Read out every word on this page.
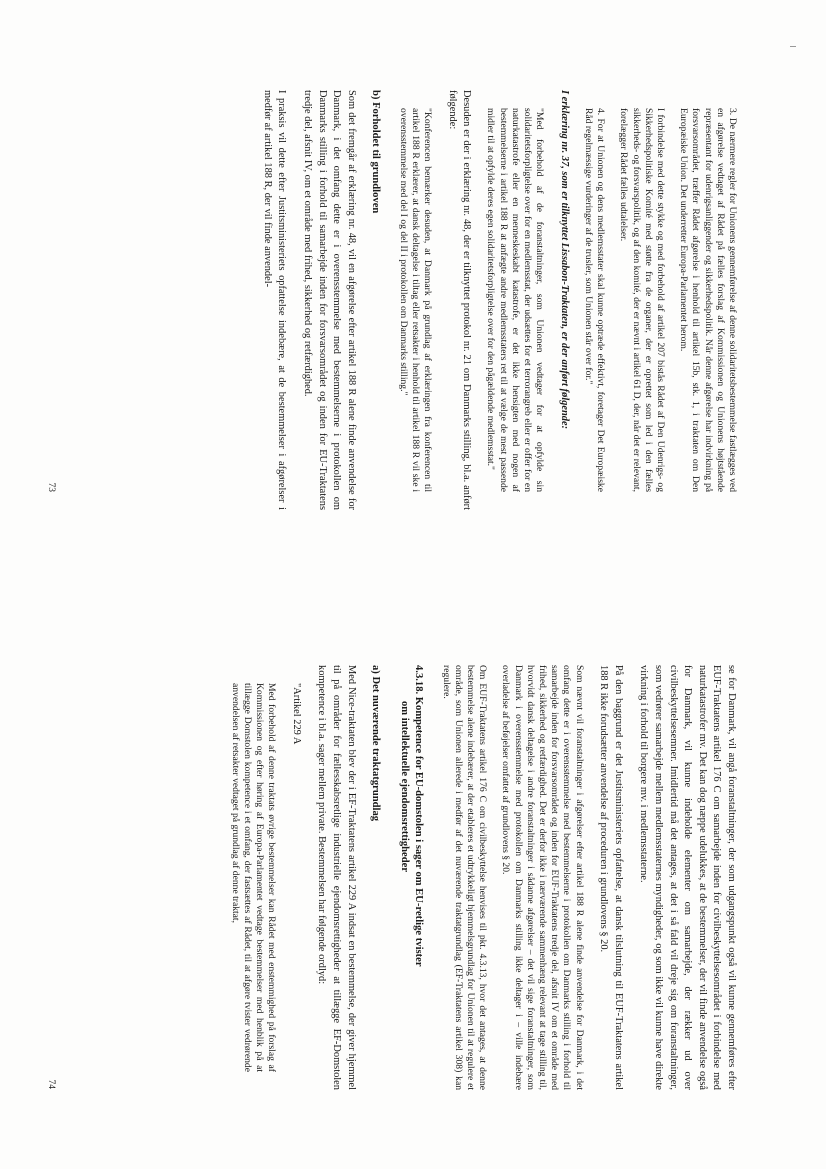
3. De nærmere regler for Unionens gennemførelse af denne solidaritetsbestemmelse fastlægges ved en afgørelse vedtaget af Rådet på fælles forslag af Kommissionen og Unionens højtstående repræsentant for udenrigsanliggender og sikkerhedspolitik. Når denne afgørelse har indvirkning på forsvarsområdet, træffer Rådet afgørelse i henhold til artikel 15b, stk. 1, i traktaten om Den Europæiske Union. Det underretter Europa-Parlamentet herom.

I forbindelse med dette stykke og med forbehold af artikel 207 bistås Rådet af Den Udenrigs- og Sikkerhedspolitiske Komité med støtte fra de organer, der er oprettet som led i den fælles sikkerheds- og forsvarspolitik, og af den komité, der er nævnt i artikel 61 D, der, når det er relevant, forelægger Rådet fælles udtalelser.

4. For at Unionen og dens medlemsstater skal kunne optræde effektivt, foretager Det Europæiske Råd regelmæssige vurderinger af de trusler, som Unionen står over for."

I erklæring nr. 37, som er tilknyttet Lissabon-Traktaten, er der anført følgende:

"Med forbehold af de foranstaltninger, som Unionen vedtager for at opfylde sin solidaritetsforpligtelse over for en medlemsstat, der udsættes for et terrorangreb eller er offer for en naturkatastrofe eller en menneskeskabt katastrofe, er det ikke hensigten med nogen af bestemmelserne i artikel 188 R at anfægte andre medlemsstaters ret til at vælge de mest passende midler til at opfylde deres egen solidaritetsforpligtelse over for den pågældende medlemsstat."

Desuden er der i erklæring nr. 48, der er tilknyttet protokol nr. 21 om Danmarks stilling, bl.a. anført følgende:

"Konferencen bemærker desuden, at Danmark på grundlag af erklæringen fra konferencen til artikel 188 R erklærer, at dansk deltagelse i tiltag eller retsakter i henhold til artikel 188 R vil ske i overensstemmelse med del I og del II i protokollen om Danmarks stilling."

b) Forholdet til grundloven

Som det fremgår af erklæring nr. 48, vil en afgørelse efter artikel 188 R alene finde anvendelse for Danmark, i det omfang dette er i overensstemmelse med bestemmelserne i protokollen om Danmarks stilling i forhold til samarbejde inden for forsvarsområdet og inden for EU-Traktatens tredje del, afsnit IV, om et område med frihed, sikkerhed og retfærdighed.

I praksis vil dette efter Justitsministeriets opfattelse indebære, at de bestemmelser i afgørelser i medfør af artikel 188 R, der vil finde anvendel-

73

se for Danmark, vil angå foranstaltninger, der som udgangspunkt også vil kunne gennemføres efter EUF-Traktatens artikel 176 C om samarbejde inden for civilbeskyttelsesområdet i forbindelse med naturkatastrofer mv. Det kan dog næppe udelukkes, at de bestemmelser, der vil finde anvendelse også for Danmark, vil kunne indeholde elementer om samarbejde, der rækker ud over civilbeskyttelsesemner. Imidlertid må det antages, at det i så fald vil dreje sig om foranstaltninger, som vedrører samarbejde mellem medlemsstaternes myndigheder, og som ikke vil kunne have direkte virkning i forhold til borgere mv. i medlemsstaterne.

På den baggrund er det Justitsministeriets opfattelse, at dansk tilslutning til EUF-Traktatens artikel 188 R ikke forudsætter anvendelse af proceduren i grundlovens § 20.

Som nævnt vil foranstaltninger i afgørelser efter artikel 188 R alene finde anvendelse for Danmark, i det omfang dette er i overensstemmelse med bestemmelserne i protokollen om Danmarks stilling i forhold til samarbejde inden for forsvarsområdet og inden for EUF-Traktatens tredje del, afsnit IV om et område med frihed, sikkerhed og retfærdighed. Det er derfor ikke i nærværende sammenhæng relevant at tage stilling til, hvorvidt dansk deltagelse i andre foranstaltninger i sådanne afgørelser – det vil sige foranstaltninger, som Danmark i overensstemmelse med protokollen om Danmarks stilling ikke deltager i – ville indebære overladelse af beføjelser omfattet af grundlovens § 20.

Om EUF-Traktatens artikel 176 C om civilbeskyttelse henvises til pkt. 4.3.13, hvor det antages, at denne bestemmelse alene indebærer, at der etableres et udtrykkeligt hjemmelsgrundlag for Unionen til at regulere et område, som Unionen allerede i medfør af det nuværende traktatgrundlag (EF-Traktatens artikel 308) kan regulere.

4.3.18. Kompetence for EU-domstolen i sager om EU-retlige tvister
om intellektuelle ejendomsrettigheder
a) Det nuværende traktatgrundlag

Med Nice-traktaten blev der i EF-Traktatens artikel 229 A indsat en bestemmelse, der giver hjemmel til på områder for fællesskabsretlige industrielle ejendomsrettigheder at tillægge EF-Domstolen kompetence i bl.a. sager mellem private. Bestemmelsen har følgende ordlyd:

"Artikel 229 A

Med forbehold af denne traktats øvrige bestemmelser kan Rådet med enstemmighed på forslag af Kommissionen og efter høring af Europa-Parlamentet vedtage bestemmelser med henblik på at tillægge Domstolen kompetence i et omfang, der fastsættes af Rådet, til at afgøre tvister vedrørende anvendelsen af retsakter vedtaget på grundlag af denne traktat,

74
